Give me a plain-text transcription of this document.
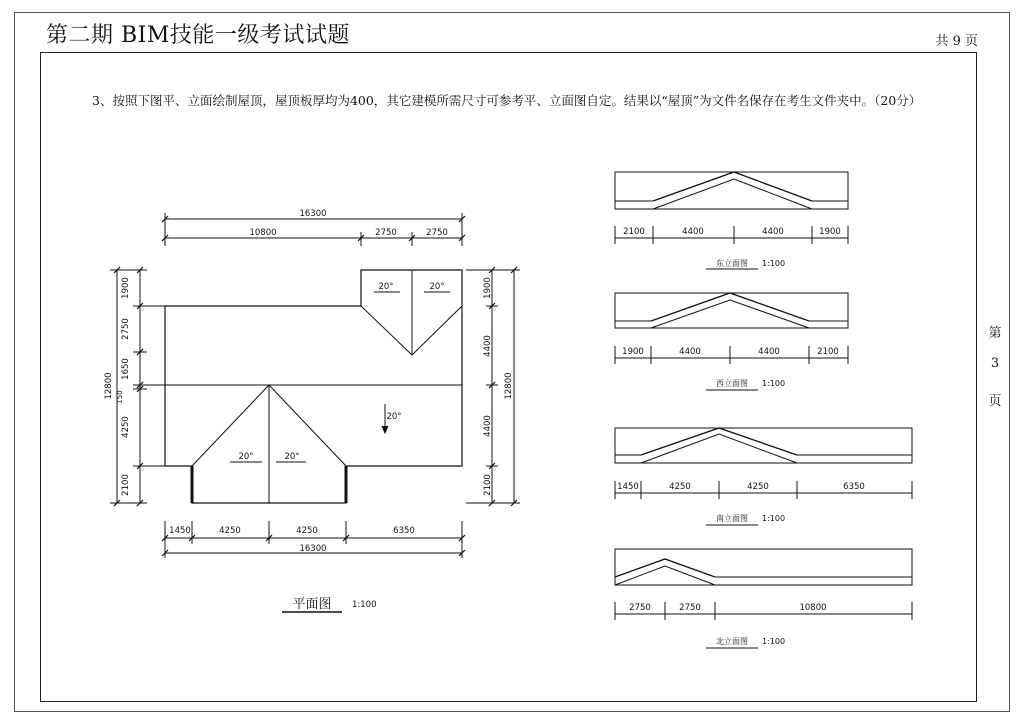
第二期 BIM技能一级考试试题	共 9 页
第
3
页
3、按照下图平、立面绘制屋顶，屋顶板厚均为400，其它建模所需尺寸可参考平、立面图自定。结果以“屋顶”为文件名保存在考生文件夹中。（20分）
16300
10800	2750	2750
1450	4250	4250	6350
16300
1900
2750
1650
150
4250
2100
12800
1900
4400
4400
2100
12800
20°	20°
20°
20°	20°
平面图 1:100
2100	4400	4400	1900
1900	4400	4400	2100
1450	4250	4250	6350
2750	2750	10800
东立面图 1:100
西立面图 1:100
南立面图 1:100
北立面图 1:100
